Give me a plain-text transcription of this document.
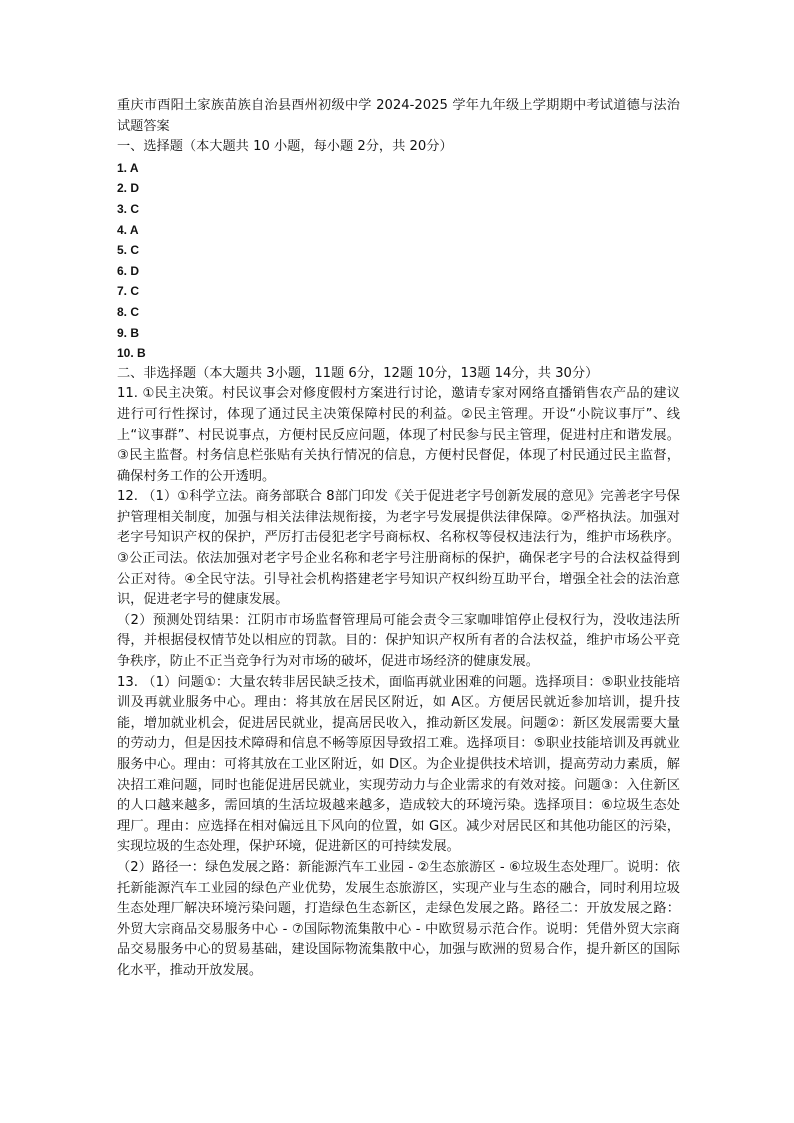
重庆市酉阳土家族苗族自治县酉州初级中学 2024-2025 学年九年级上学期期中考试道德与法治试题答案

一、选择题（本大题共 10 小题，每小题 2分，共 20分）

1. A

2. D

3. C

4. A

5. C

6. D

7. C

8. C

9. B

10. B

二、非选择题（本大题共 3小题，11题 6分，12题 10分，13题 14分，共 30分）

11. ①民主决策。村民议事会对修度假村方案进行讨论，邀请专家对网络直播销售农产品的建议进行可行性探讨，体现了通过民主决策保障村民的利益。②民主管理。开设“小院议事厅”、线上“议事群”、村民说事点，方便村民反应问题，体现了村民参与民主管理，促进村庄和谐发展。③民主监督。村务信息栏张贴有关执行情况的信息，方便村民督促，体现了村民通过民主监督，确保村务工作的公开透明。

12. （1）①科学立法。商务部联合 8部门印发《关于促进老字号创新发展的意见》完善老字号保护管理相关制度，加强与相关法律法规衔接，为老字号发展提供法律保障。②严格执法。加强对老字号知识产权的保护，严厉打击侵犯老字号商标权、名称权等侵权违法行为，维护市场秩序。③公正司法。依法加强对老字号企业名称和老字号注册商标的保护，确保老字号的合法权益得到公正对待。④全民守法。引导社会机构搭建老字号知识产权纠纷互助平台，增强全社会的法治意识，促进老字号的健康发展。

（2）预测处罚结果：江阴市市场监督管理局可能会责令三家咖啡馆停止侵权行为，没收违法所得，并根据侵权情节处以相应的罚款。目的：保护知识产权所有者的合法权益，维护市场公平竞争秩序，防止不正当竞争行为对市场的破坏，促进市场经济的健康发展。

13. （1）问题①：大量农转非居民缺乏技术，面临再就业困难的问题。选择项目：⑤职业技能培训及再就业服务中心。理由：将其放在居民区附近，如 A区。方便居民就近参加培训，提升技能，增加就业机会，促进居民就业，提高居民收入，推动新区发展。问题②：新区发展需要大量的劳动力，但是因技术障碍和信息不畅等原因导致招工难。选择项目：⑤职业技能培训及再就业服务中心。理由：可将其放在工业区附近，如 D区。为企业提供技术培训，提高劳动力素质，解决招工难问题，同时也能促进居民就业，实现劳动力与企业需求的有效对接。问题③：入住新区的人口越来越多，需回填的生活垃圾越来越多，造成较大的环境污染。选择项目：⑥垃圾生态处理厂。理由：应选择在相对偏远且下风向的位置，如 G区。减少对居民区和其他功能区的污染，实现垃圾的生态处理，保护环境，促进新区的可持续发展。

（2）路径一：绿色发展之路：新能源汽车工业园 - ②生态旅游区 - ⑥垃圾生态处理厂。说明：依托新能源汽车工业园的绿色产业优势，发展生态旅游区，实现产业与生态的融合，同时利用垃圾生态处理厂解决环境污染问题，打造绿色生态新区，走绿色发展之路。路径二：开放发展之路：外贸大宗商品交易服务中心 - ⑦国际物流集散中心 - 中欧贸易示范合作。说明：凭借外贸大宗商品交易服务中心的贸易基础，建设国际物流集散中心，加强与欧洲的贸易合作，提升新区的国际化水平，推动开放发展。
